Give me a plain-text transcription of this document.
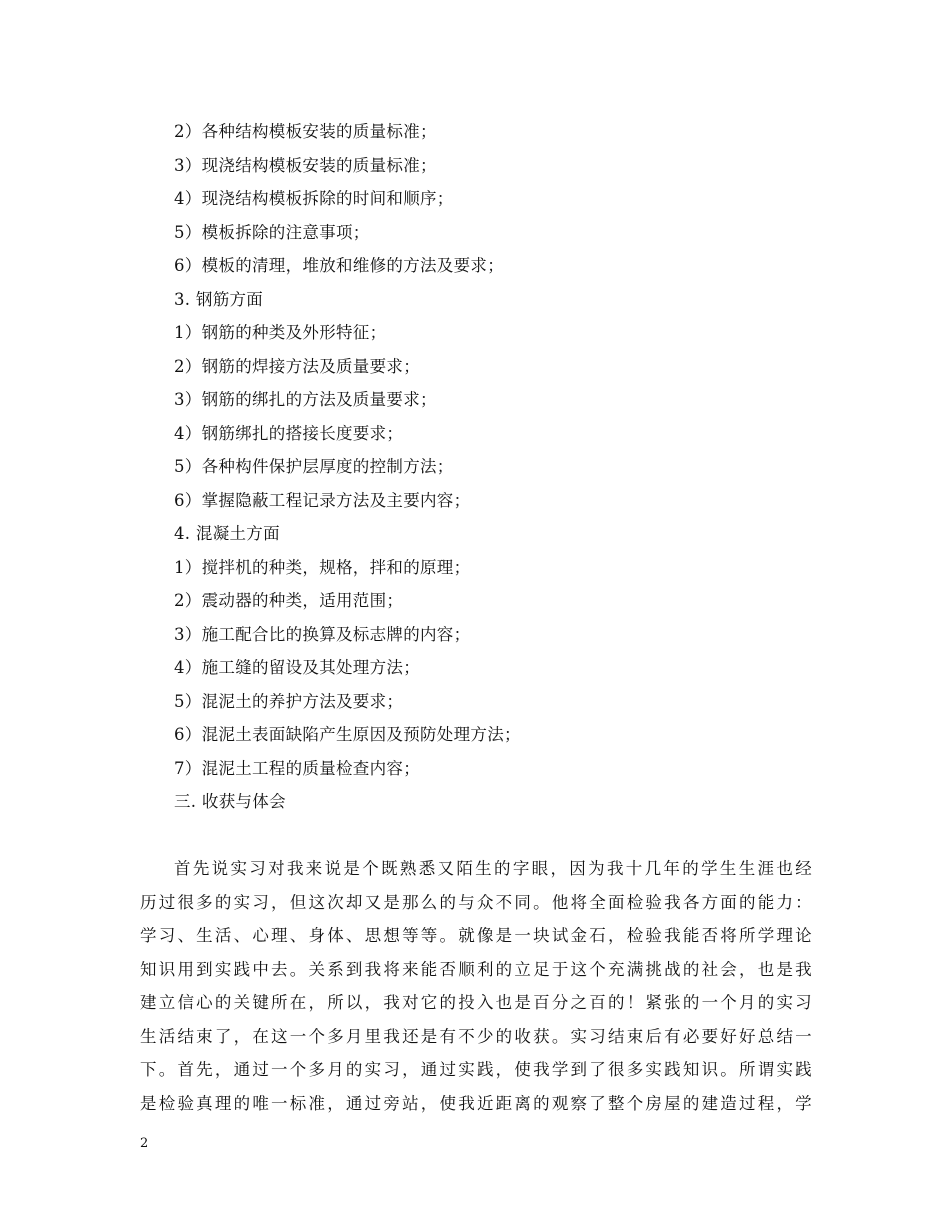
2）各种结构模板安装的质量标准；
3）现浇结构模板安装的质量标准；
4）现浇结构模板拆除的时间和顺序；
5）模板拆除的注意事项；
6）模板的清理，堆放和维修的方法及要求；
3. 钢筋方面
1）钢筋的种类及外形特征；
2）钢筋的焊接方法及质量要求；
3）钢筋的绑扎的方法及质量要求；
4）钢筋绑扎的搭接长度要求；
5）各种构件保护层厚度的控制方法；
6）掌握隐蔽工程记录方法及主要内容；
4. 混凝土方面
1）搅拌机的种类，规格，拌和的原理；
2）震动器的种类，适用范围；
3）施工配合比的换算及标志牌的内容；
4）施工缝的留设及其处理方法；
5）混泥土的养护方法及要求；
6）混泥土表面缺陷产生原因及预防处理方法；
7）混泥土工程的质量检查内容；
三. 收获与体会
首先说实习对我来说是个既熟悉又陌生的字眼，因为我十几年的学生生涯也经
历过很多的实习，但这次却又是那么的与众不同。他将全面检验我各方面的能力：
学习、生活、心理、身体、思想等等。就像是一块试金石，检验我能否将所学理论
知识用到实践中去。关系到我将来能否顺利的立足于这个充满挑战的社会，也是我
建立信心的关键所在，所以，我对它的投入也是百分之百的！紧张的一个月的实习
生活结束了，在这一个多月里我还是有不少的收获。实习结束后有必要好好总结一
下。首先，通过一个多月的实习，通过实践，使我学到了很多实践知识。所谓实践
是检验真理的唯一标准，通过旁站，使我近距离的观察了整个房屋的建造过程，学
2
